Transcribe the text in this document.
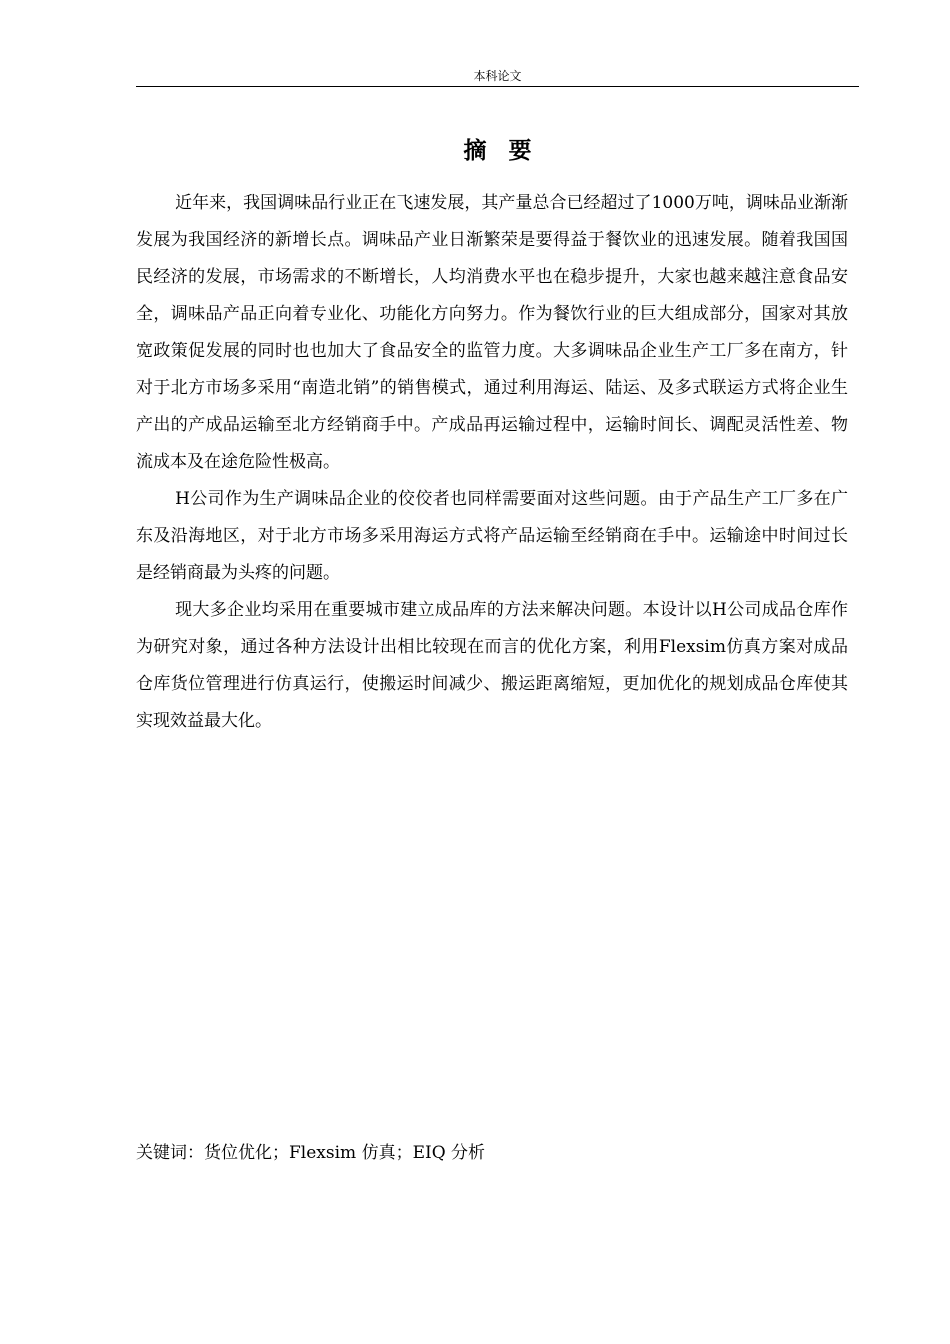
本科论文
摘要

近年来，我国调味品行业正在飞速发展，其产量总合已经超过了1000万吨，调味品业渐渐发展为我国经济的新增长点。调味品产业日渐繁荣是要得益于餐饮业的迅速发展。随着我国国民经济的发展，市场需求的不断增长，人均消费水平也在稳步提升，大家也越来越注意食品安全，调味品产品正向着专业化、功能化方向努力。作为餐饮行业的巨大组成部分，国家对其放宽政策促发展的同时也也加大了食品安全的监管力度。大多调味品企业生产工厂多在南方，针对于北方市场多采用“南造北销”的销售模式，通过利用海运、陆运、及多式联运方式将企业生产出的产成品运输至北方经销商手中。产成品再运输过程中，运输时间长、调配灵活性差、物流成本及在途危险性极高。

H公司作为生产调味品企业的佼佼者也同样需要面对这些问题。由于产品生产工厂多在广东及沿海地区，对于北方市场多采用海运方式将产品运输至经销商在手中。运输途中时间过长是经销商最为头疼的问题。

现大多企业均采用在重要城市建立成品库的方法来解决问题。本设计以H公司成品仓库作为研究对象，通过各种方法设计出相比较现在而言的优化方案，利用Flexsim仿真方案对成品仓库货位管理进行仿真运行，使搬运时间减少、搬运距离缩短，更加优化的规划成品仓库使其实现效益最大化。

关键词：货位优化；Flexsim 仿真；EIQ 分析
